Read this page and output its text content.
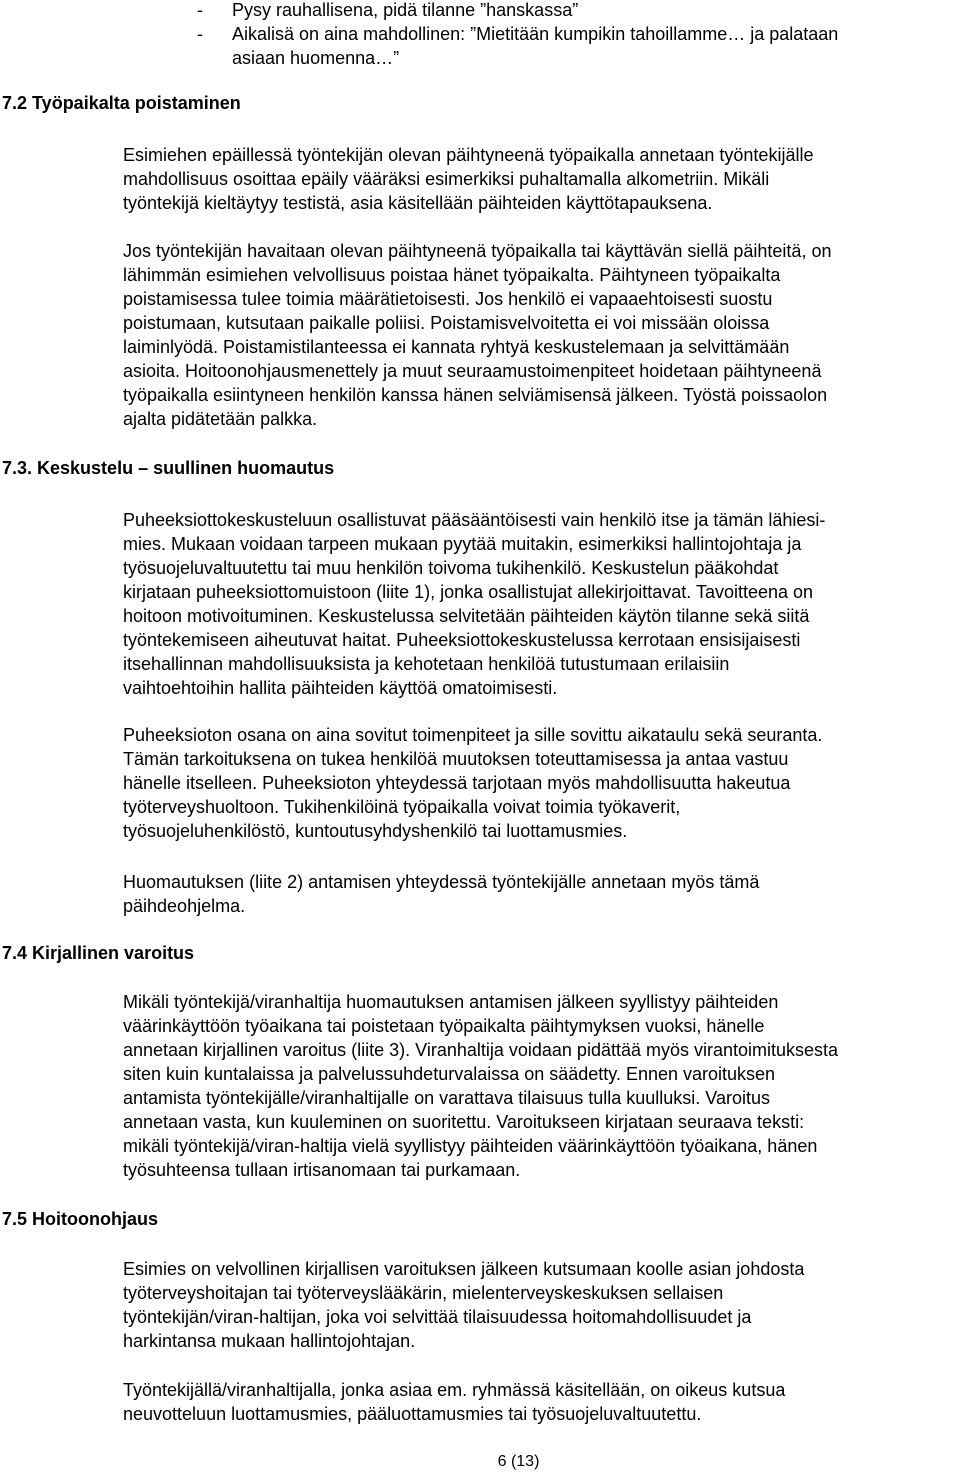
- Pysy rauhallisena, pidä tilanne ”hanskassa”
- Aikalisä on aina mahdollinen: ”Mietitään kumpikin tahoillamme… ja palataan
asiaan huomenna…”
7.2 Työpaikalta poistaminen

Esimiehen epäillessä työntekijän olevan päihtyneenä työpaikalla annetaan työntekijälle
mahdollisuus osoittaa epäily vääräksi esimerkiksi puhaltamalla alkometriin. Mikäli
työntekijä kieltäytyy testistä, asia käsitellään päihteiden käyttötapauksena.

Jos työntekijän havaitaan olevan päihtyneenä työpaikalla tai käyttävän siellä päihteitä, on
lähimmän esimiehen velvollisuus poistaa hänet työpaikalta. Päihtyneen työpaikalta
poistamisessa tulee toimia määrätietoisesti. Jos henkilö ei vapaaehtoisesti suostu
poistumaan, kutsutaan paikalle poliisi. Poistamisvelvoitetta ei voi missään oloissa
laiminlyödä. Poistamistilanteessa ei kannata ryhtyä keskustelemaan ja selvittämään
asioita. Hoitoonohjausmenettely ja muut seuraamustoimenpiteet hoidetaan päihtyneenä
työpaikalla esiintyneen henkilön kanssa hänen selviämisensä jälkeen. Työstä poissaolon
ajalta pidätetään palkka.

7.3. Keskustelu – suullinen huomautus

Puheeksiottokeskusteluun osallistuvat pääsääntöisesti vain henkilö itse ja tämän lähiesi-
mies. Mukaan voidaan tarpeen mukaan pyytää muitakin, esimerkiksi hallintojohtaja ja
työsuojeluvaltuutettu tai muu henkilön toivoma tukihenkilö. Keskustelun pääkohdat
kirjataan puheeksiottomuistoon (liite 1), jonka osallistujat allekirjoittavat. Tavoitteena on
hoitoon motivoituminen. Keskustelussa selvitetään päihteiden käytön tilanne sekä siitä
työntekemiseen aiheutuvat haitat. Puheeksiottokeskustelussa kerrotaan ensisijaisesti
itsehallinnan mahdollisuuksista ja kehotetaan henkilöä tutustumaan erilaisiin
vaihtoehtoihin hallita päihteiden käyttöä omatoimisesti.

Puheeksioton osana on aina sovitut toimenpiteet ja sille sovittu aikataulu sekä seuranta.
Tämän tarkoituksena on tukea henkilöä muutoksen toteuttamisessa ja antaa vastuu
hänelle itselleen. Puheeksioton yhteydessä tarjotaan myös mahdollisuutta hakeutua
työterveyshuoltoon. Tukihenkilöinä työpaikalla voivat toimia työkaverit,
työsuojeluhenkilöstö, kuntoutusyhdyshenkilö tai luottamusmies.

Huomautuksen (liite 2) antamisen yhteydessä työntekijälle annetaan myös tämä
päihdeohjelma.

7.4 Kirjallinen varoitus

Mikäli työntekijä/viranhaltija huomautuksen antamisen jälkeen syyllistyy päihteiden
väärinkäyttöön työaikana tai poistetaan työpaikalta päihtymyksen vuoksi, hänelle
annetaan kirjallinen varoitus (liite 3). Viranhaltija voidaan pidättää myös virantoimituksesta
siten kuin kuntalaissa ja palvelussuhdeturvalaissa on säädetty. Ennen varoituksen
antamista työntekijälle/viranhaltijalle on varattava tilaisuus tulla kuulluksi. Varoitus
annetaan vasta, kun kuuleminen on suoritettu. Varoitukseen kirjataan seuraava teksti:
mikäli työntekijä/viran-haltija vielä syyllistyy päihteiden väärinkäyttöön työaikana, hänen
työsuhteensa tullaan irtisanomaan tai purkamaan.

7.5 Hoitoonohjaus

Esimies on velvollinen kirjallisen varoituksen jälkeen kutsumaan koolle asian johdosta
työterveyshoitajan tai työterveyslääkärin, mielenterveyskeskuksen sellaisen
työntekijän/viran-haltijan, joka voi selvittää tilaisuudessa hoitomahdollisuudet ja
harkintansa mukaan hallintojohtajan.

Työntekijällä/viranhaltijalla, jonka asiaa em. ryhmässä käsitellään, on oikeus kutsua
neuvotteluun luottamusmies, pääluottamusmies tai työsuojeluvaltuutettu.

6 (13)
